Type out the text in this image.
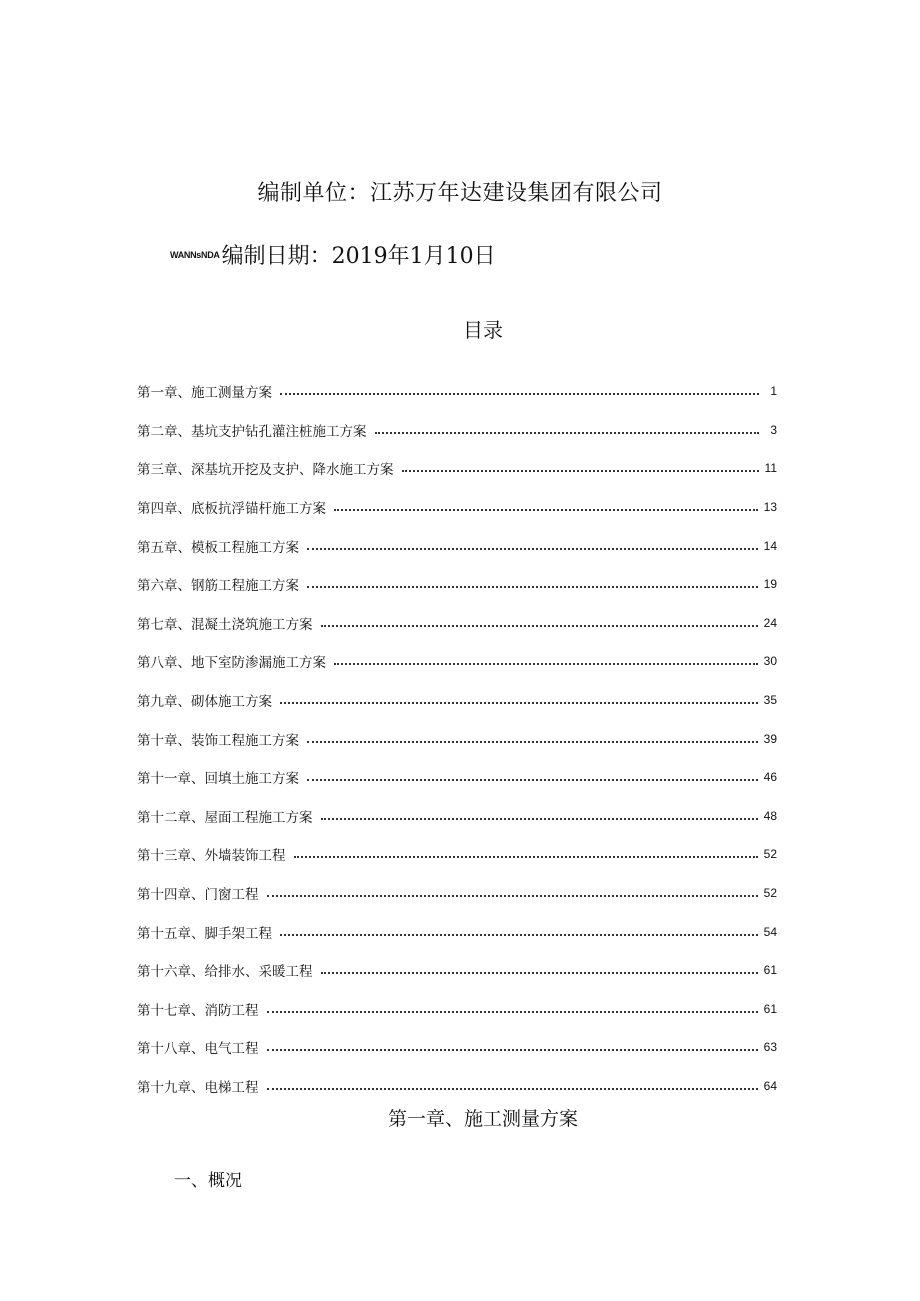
编制单位：江苏万年达建设集团有限公司
WANNsNDA编制日期：2019年1月10日
目录
第一章、施工测量方案	1
第二章、基坑支护钻孔灌注桩施工方案	3
第三章、深基坑开挖及支护、降水施工方案	11
第四章、底板抗浮锚杆施工方案	13
第五章、模板工程施工方案	14
第六章、钢筋工程施工方案	19
第七章、混凝土浇筑施工方案	24
第八章、地下室防渗漏施工方案	30
第九章、砌体施工方案	35
第十章、装饰工程施工方案	39
第十一章、回填土施工方案	46
第十二章、屋面工程施工方案	48
第十三章、外墙装饰工程	52
第十四章、门窗工程	52
第十五章、脚手架工程	54
第十六章、给排水、采暖工程	61
第十七章、消防工程	61
第十八章、电气工程	63
第十九章、电梯工程	64
第一章、施工测量方案
一、概况
